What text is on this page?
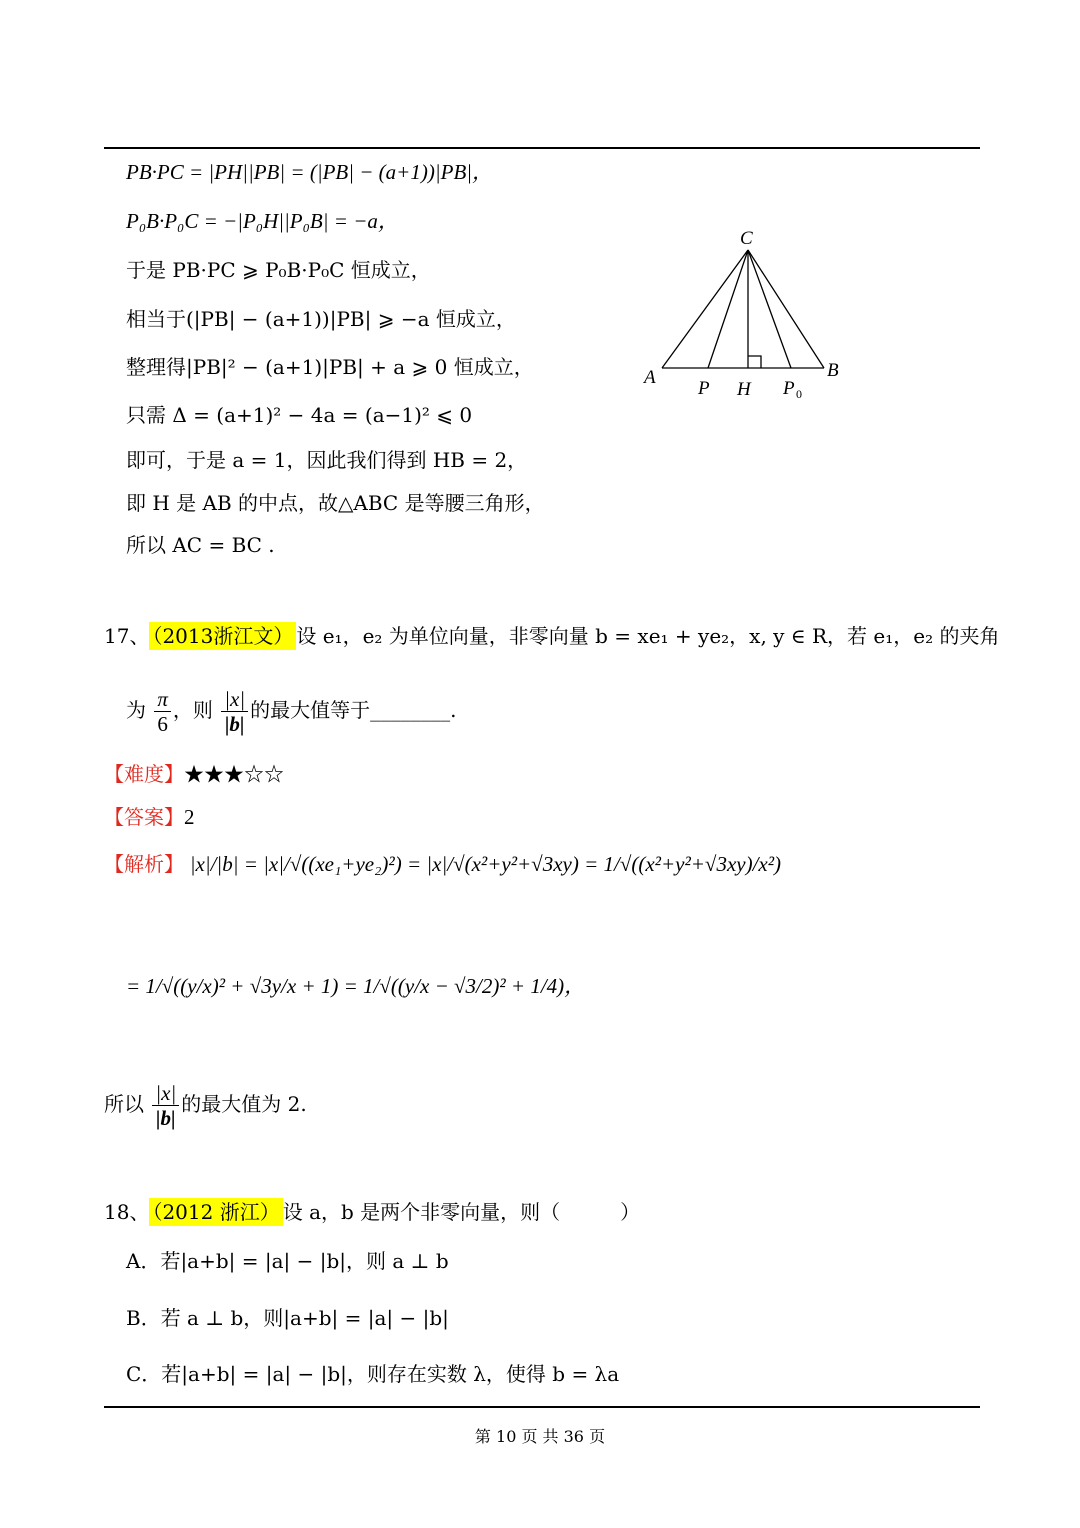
PB·PC = |PH||PB| = (|PB| − (a+1))|PB|，
P₀B·P₀C = −|P₀H||P₀B| = −a，
于是 PB·PC ⩾ P₀B·P₀C 恒成立，
相当于(|PB| − (a+1))|PB| ⩾ −a 恒成立，
整理得|PB|² − (a+1)|PB| + a ⩾ 0 恒成立，
只需 Δ = (a+1)² − 4a = (a−1)² ⩽ 0
即可，于是 a = 1，因此我们得到 HB = 2，
即 H 是 AB 的中点，故△ABC 是等腰三角形，
所以 AC = BC .
C
A	B
P H P 0
17、 （2013浙江文） 设 e₁，e₂ 为单位向量，非零向量 b = xe₁ + ye₂，x, y ∈ R，若 e₁，e₂ 的夹角
为 $\frac{\pi}{6}$ ，则 $\frac{|x|}{|b|}$ 的最大值等于________.
【难度】★★★☆☆
【答案】2
【解析】 |x|/|b| = |x|/√((xe₁+ye₂)²) = |x|/√(x²+y²+√3xy) = 1/√((x²+y²+√3xy)/x²)
= 1/√((y/x)² + √3y/x + 1) = 1/√((y/x − √3/2)² + 1/4)，
所以 $\frac{|x|}{|b|}$ 的最大值为 2.
18、 （2012 浙江） 设 a，b 是两个非零向量，则（　　　）
A．若|a+b| = |a| − |b|，则 a ⊥ b
B．若 a ⊥ b，则|a+b| = |a| − |b|
C．若|a+b| = |a| − |b|，则存在实数 λ，使得 b = λa
第 10 页 共 36 页
